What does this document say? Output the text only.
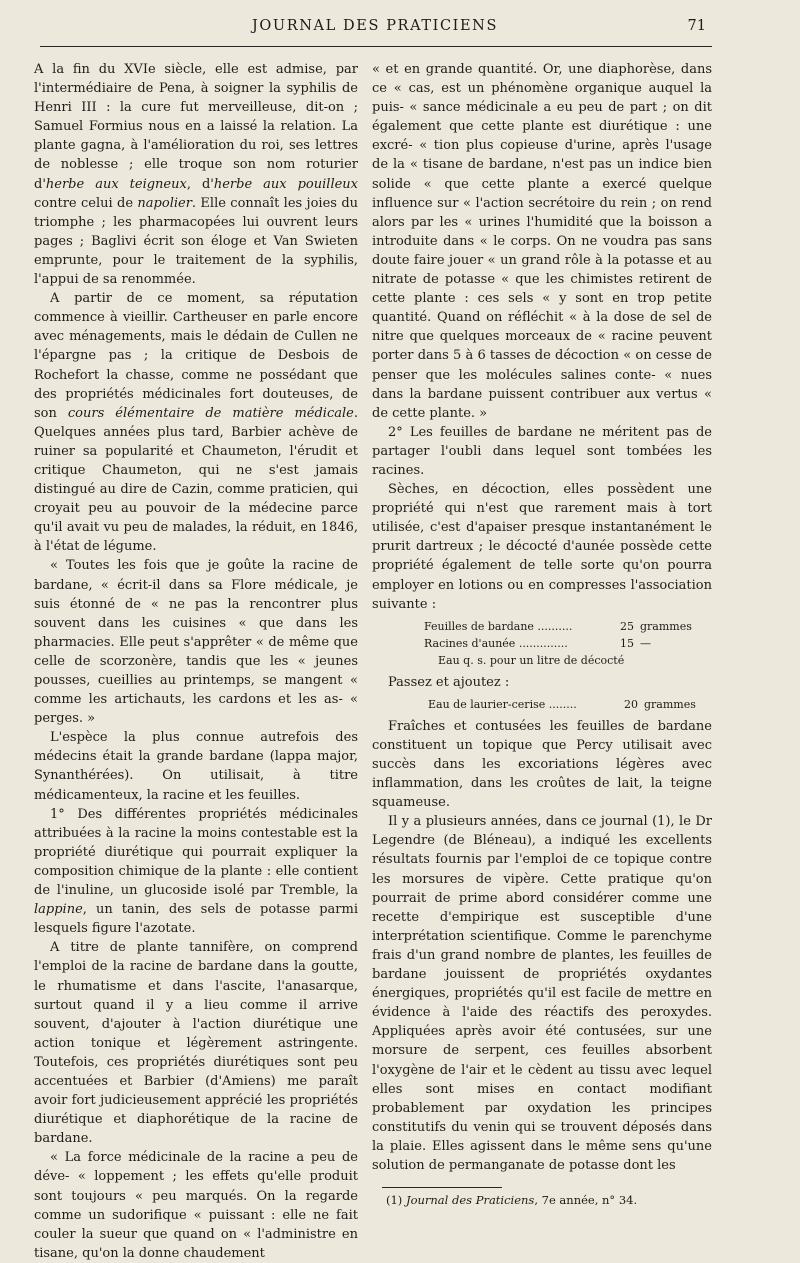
JOURNAL DES PRATICIENS	71

A la fin du XVIe siècle, elle est admise, par l'intermédiaire de Pena, à soigner la syphilis de Henri III : la cure fut merveilleuse, dit-on ; Samuel Formius nous en a laissé la relation. La plante gagna, à l'amélioration du roi, ses lettres de noblesse ; elle troque son nom roturier d'herbe aux teigneux, d'herbe aux pouilleux contre celui de napolier. Elle connaît les joies du triomphe ; les pharmacopées lui ouvrent leurs pages ; Baglivi écrit son éloge et Van Swieten emprunte, pour le traitement de la syphilis, l'appui de sa renommée.

A partir de ce moment, sa réputation commence à vieillir. Cartheuser en parle encore avec ménagements, mais le dédain de Cullen ne l'épargne pas ; la critique de Desbois de Rochefort la chasse, comme ne possédant que des propriétés médicinales fort douteuses, de son cours élémentaire de matière médicale. Quelques années plus tard, Barbier achève de ruiner sa popularité et Chaumeton, l'érudit et critique Chaumeton, qui ne s'est jamais distingué au dire de Cazin, comme praticien, qui croyait peu au pouvoir de la médecine parce qu'il avait vu peu de malades, la réduit, en 1846, à l'état de légume.

« Toutes les fois que je goûte la racine de bardane, « écrit-il dans sa Flore médicale, je suis étonné de « ne pas la rencontrer plus souvent dans les cuisines « que dans les pharmacies. Elle peut s'apprêter « de même que celle de scorzonère, tandis que les « jeunes pousses, cueillies au printemps, se mangent « comme les artichauts, les cardons et les as- « perges. »

L'espèce la plus connue autrefois des médecins était la grande bardane (lappa major, Synanthérées). On utilisait, à titre médicamenteux, la racine et les feuilles.

1° Des différentes propriétés médicinales attribuées à la racine la moins contestable est la propriété diurétique qui pourrait expliquer la composition chimique de la plante : elle contient de l'inuline, un glucoside isolé par Tremble, la lappine, un tanin, des sels de potasse parmi lesquels figure l'azotate.

A titre de plante tannifère, on comprend l'emploi de la racine de bardane dans la goutte, le rhumatisme et dans l'ascite, l'anasarque, surtout quand il y a lieu comme il arrive souvent, d'ajouter à l'action diurétique une action tonique et légèrement astringente. Toutefois, ces propriétés diurétiques sont peu accentuées et Barbier (d'Amiens) me paraît avoir fort judicieusement apprécié les propriétés diurétique et diaphorétique de la racine de bardane.

« La force médicinale de la racine a peu de déve- « loppement ; les effets qu'elle produit sont toujours « peu marqués. On la regarde comme un sudorifique « puissant : elle ne fait couler la sueur que quand on « l'administre en tisane, qu'on la donne chaudement

« et en grande quantité. Or, une diaphorèse, dans ce « cas, est un phénomène organique auquel la puis- « sance médicinale a eu peu de part ; on dit également que cette plante est diurétique : une excré- « tion plus copieuse d'urine, après l'usage de la « tisane de bardane, n'est pas un indice bien solide « que cette plante a exercé quelque influence sur « l'action secrétoire du rein ; on rend alors par les « urines l'humidité que la boisson a introduite dans « le corps. On ne voudra pas sans doute faire jouer « un grand rôle à la potasse et au nitrate de potasse « que les chimistes retirent de cette plante : ces sels « y sont en trop petite quantité. Quand on réfléchit « à la dose de sel de nitre que quelques morceaux de « racine peuvent porter dans 5 à 6 tasses de décoction « on cesse de penser que les molécules salines conte- « nues dans la bardane puissent contribuer aux vertus « de cette plante. »

2° Les feuilles de bardane ne méritent pas de partager l'oubli dans lequel sont tombées les racines.

Sèches, en décoction, elles possèdent une propriété qui n'est que rarement mais à tort utilisée, c'est d'apaiser presque instantanément le prurit dartreux ; le décocté d'aunée possède cette propriété également de telle sorte qu'on pourra employer en lotions ou en compresses l'association suivante :

Feuilles de bardane ..........	25 grammes
Racines d'aunée ..............	15 —
Eau q. s. pour un litre de décocté

Passez et ajoutez :

Eau de laurier-cerise ........	20 grammes

Fraîches et contusées les feuilles de bardane constituent un topique que Percy utilisait avec succès dans les excoriations légères avec inflammation, dans les croûtes de lait, la teigne squameuse.

Il y a plusieurs années, dans ce journal (1), le Dr Legendre (de Bléneau), a indiqué les excellents résultats fournis par l'emploi de ce topique contre les morsures de vipère. Cette pratique qu'on pourrait de prime abord considérer comme une recette d'empirique est susceptible d'une interprétation scientifique. Comme le parenchyme frais d'un grand nombre de plantes, les feuilles de bardane jouissent de propriétés oxydantes énergiques, propriétés qu'il est facile de mettre en évidence à l'aide des réactifs des peroxydes. Appliquées après avoir été contusées, sur une morsure de serpent, ces feuilles absorbent l'oxygène de l'air et le cèdent au tissu avec lequel elles sont mises en contact modifiant probablement par oxydation les principes constitutifs du venin qui se trouvent déposés dans la plaie. Elles agissent dans le même sens qu'une solution de permanganate de potasse dont les

(1) Journal des Praticiens, 7e année, n° 34.
